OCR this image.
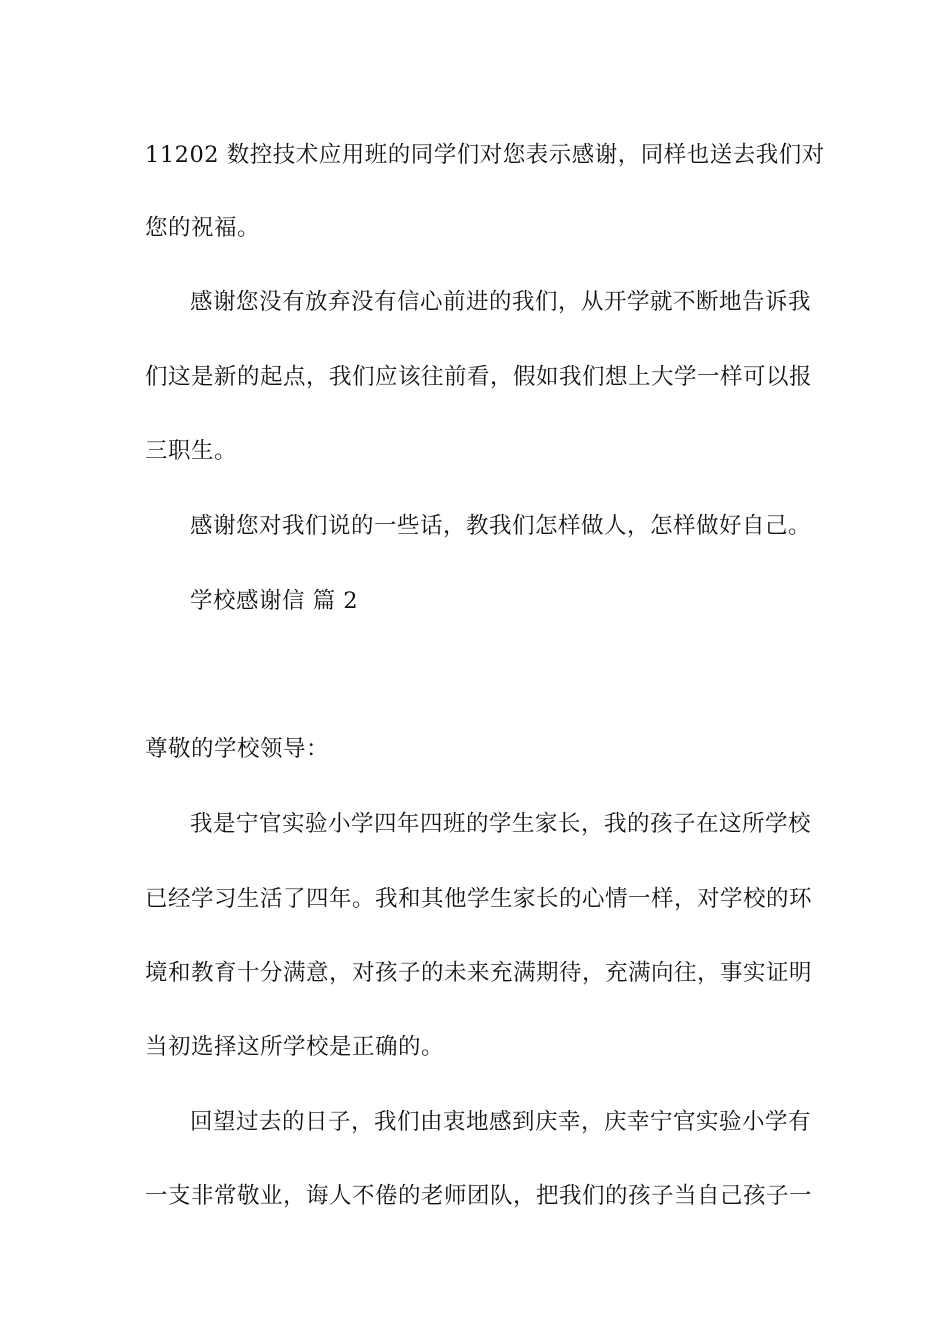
11202 数控技术应用班的同学们对您表示感谢，同样也送去我们对
您的祝福。
感谢您没有放弃没有信心前进的我们，从开学就不断地告诉我
们这是新的起点，我们应该往前看，假如我们想上大学一样可以报
三职生。
感谢您对我们说的一些话，教我们怎样做人，怎样做好自己。
学校感谢信 篇 2
尊敬的学校领导：
我是宁官实验小学四年四班的学生家长，我的孩子在这所学校
已经学习生活了四年。我和其他学生家长的心情一样，对学校的环
境和教育十分满意，对孩子的未来充满期待，充满向往，事实证明
当初选择这所学校是正确的。
回望过去的日子，我们由衷地感到庆幸，庆幸宁官实验小学有
一支非常敬业，诲人不倦的老师团队，把我们的孩子当自己孩子一
